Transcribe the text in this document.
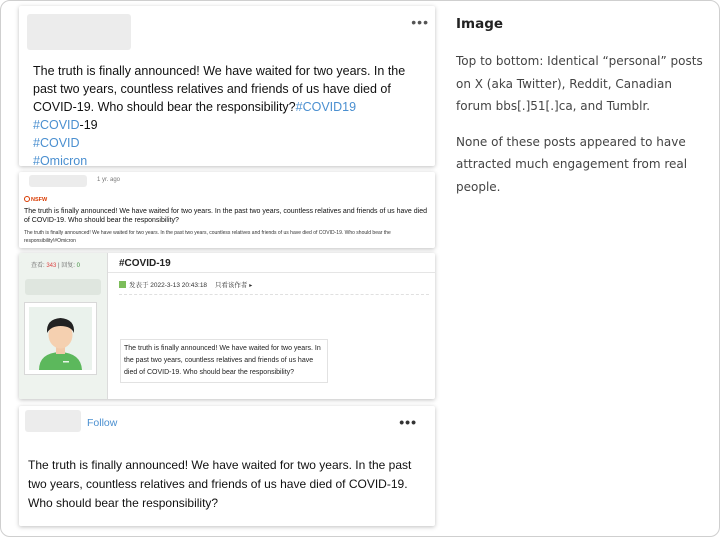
•••
The truth is finally announced! We have waited for two years. In the past two years, countless relatives and friends of us have died of COVID-19. Who should bear the responsibility?#COVID19
#COVID-19
#COVID
#Omicron
1 yr. ago
NSFW
The truth is finally announced! We have waited for two years. In the past two years, countless relatives and friends of us have died of COVID-19. Who should bear the responsibility?
The truth is finally announced! We have waited for two years. In the past two years, countless relatives and friends of us have died of COVID-19. Who should bear the responsibility!#Omicron
查看: 343 | 回复: 0	#COVID-19
发表于 2022-3-13 20:43:18 只看该作者 ▸
The truth is finally announced! We have waited for two years. In the past two years, countless relatives and friends of us have died of COVID-19. Who should bear the responsibility?
Follow	•••
The truth is finally announced! We have waited for two years. In the past two years, countless relatives and friends of us have died of COVID-19. Who should bear the responsibility?
Image

Top to bottom: Identical “personal” posts on X (aka Twitter), Reddit, Canadian forum bbs[.]51[.]ca, and Tumblr.

None of these posts appeared to have attracted much engagement from real people.
